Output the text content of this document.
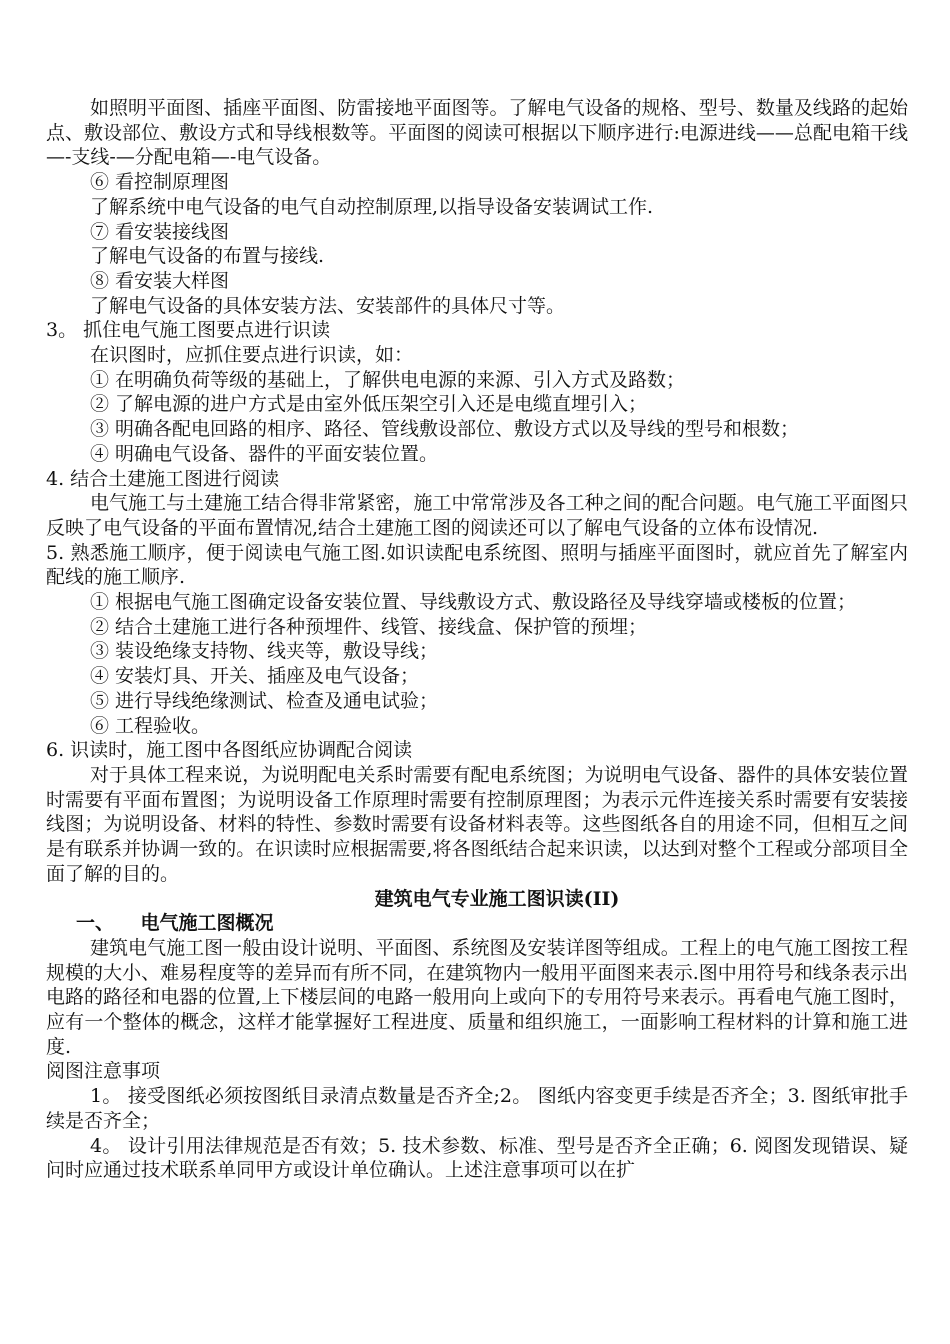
如照明平面图、插座平面图、防雷接地平面图等。了解电气设备的规格、型号、数量及线路的起始点、敷设部位、敷设方式和导线根数等。平面图的阅读可根据以下顺序进行:电源进线——总配电箱干线—-支线-—分配电箱—-电气设备。

⑥ 看控制原理图

了解系统中电气设备的电气自动控制原理,以指导设备安装调试工作.

⑦ 看安装接线图

了解电气设备的布置与接线.

⑧ 看安装大样图

了解电气设备的具体安装方法、安装部件的具体尺寸等。

3。 抓住电气施工图要点进行识读

在识图时，应抓住要点进行识读，如：

① 在明确负荷等级的基础上，了解供电电源的来源、引入方式及路数；

② 了解电源的进户方式是由室外低压架空引入还是电缆直埋引入；

③ 明确各配电回路的相序、路径、管线敷设部位、敷设方式以及导线的型号和根数；

④ 明确电气设备、器件的平面安装位置。

4. 结合土建施工图进行阅读

电气施工与土建施工结合得非常紧密，施工中常常涉及各工种之间的配合问题。电气施工平面图只反映了电气设备的平面布置情况,结合土建施工图的阅读还可以了解电气设备的立体布设情况.

5. 熟悉施工顺序，便于阅读电气施工图.如识读配电系统图、照明与插座平面图时，就应首先了解室内配线的施工顺序.

① 根据电气施工图确定设备安装位置、导线敷设方式、敷设路径及导线穿墙或楼板的位置；

② 结合土建施工进行各种预埋件、线管、接线盒、保护管的预埋；

③ 装设绝缘支持物、线夹等，敷设导线；

④ 安装灯具、开关、插座及电气设备；

⑤ 进行导线绝缘测试、检查及通电试验；

⑥ 工程验收。

6. 识读时，施工图中各图纸应协调配合阅读

对于具体工程来说，为说明配电关系时需要有配电系统图；为说明电气设备、器件的具体安装位置时需要有平面布置图；为说明设备工作原理时需要有控制原理图；为表示元件连接关系时需要有安装接线图；为说明设备、材料的特性、参数时需要有设备材料表等。这些图纸各自的用途不同，但相互之间是有联系并协调一致的。在识读时应根据需要,将各图纸结合起来识读，以达到对整个工程或分部项目全面了解的目的。

建筑电气专业施工图识读(II)

一、    电气施工图概况

建筑电气施工图一般由设计说明、平面图、系统图及安装详图等组成。工程上的电气施工图按工程规模的大小、难易程度等的差异而有所不同，在建筑物内一般用平面图来表示.图中用符号和线条表示出电路的路径和电器的位置,上下楼层间的电路一般用向上或向下的专用符号来表示。再看电气施工图时，应有一个整体的概念，这样才能掌握好工程进度、质量和组织施工，一面影响工程材料的计算和施工进度.

阅图注意事项

1。 接受图纸必须按图纸目录清点数量是否齐全;2。 图纸内容变更手续是否齐全；3. 图纸审批手续是否齐全；

4。 设计引用法律规范是否有效；5. 技术参数、标准、型号是否齐全正确；6. 阅图发现错误、疑问时应通过技术联系单同甲方或设计单位确认。上述注意事项可以在扩
